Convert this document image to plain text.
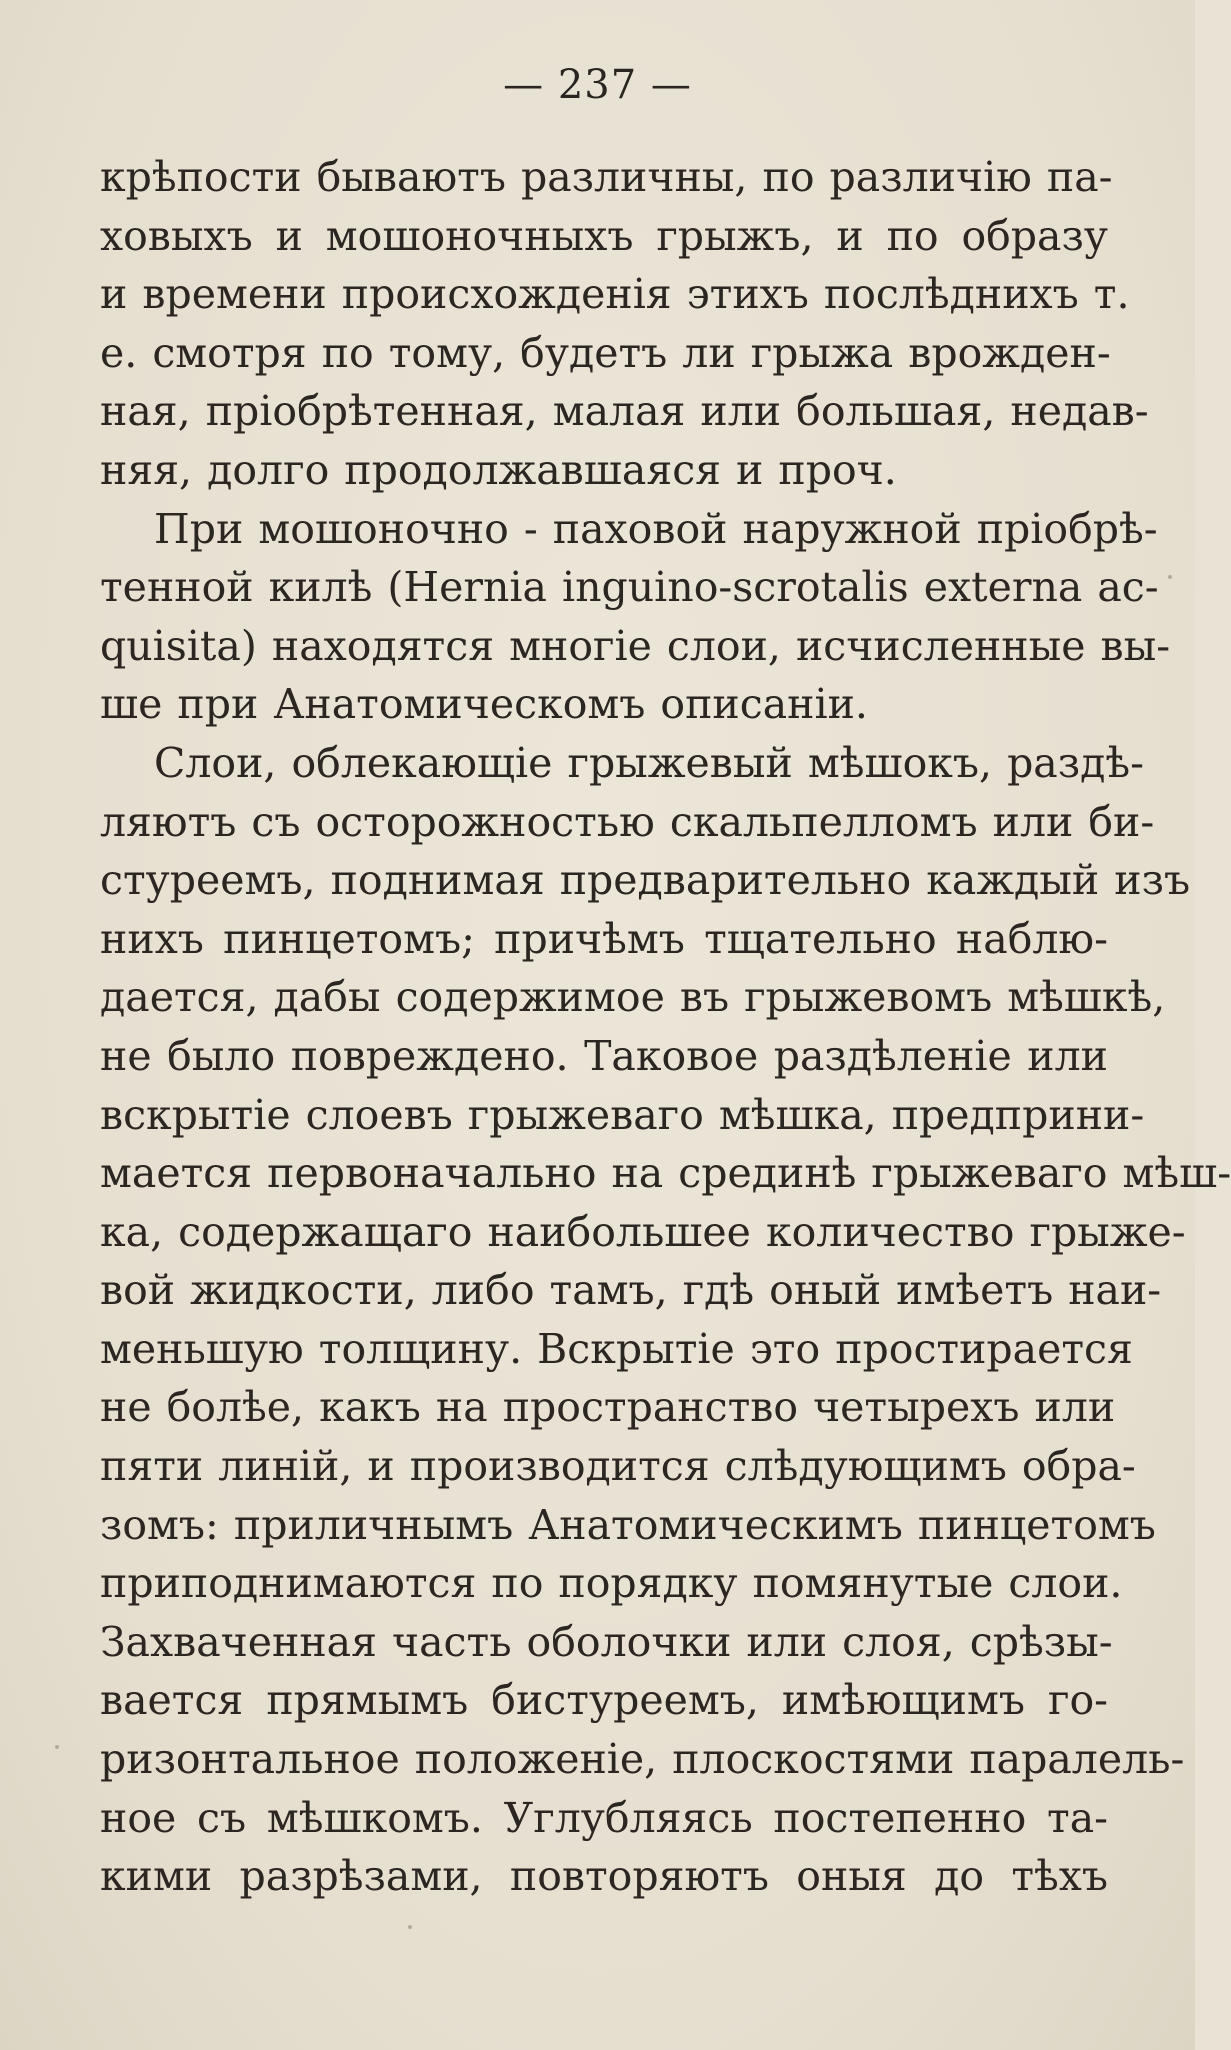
— 237 —
крѣпости бываютъ различны, по различію па-
ховыхъ и мошоночныхъ грыжъ, и по образу
и времени происхожденія этихъ послѣднихъ т.
е. смотря по тому, будетъ ли грыжа врожден-
ная, пріобрѣтенная, малая или большая, недав-
няя, долго продолжавшаяся и проч.
При мошоночно - паховой наружной пріобрѣ-
тенной килѣ (Hernia inguino-scrotalis externa ac-
quisita) находятся многіе слои, исчисленные вы-
ше при Анатомическомъ описаніи.
Слои, облекающіе грыжевый мѣшокъ, раздѣ-
ляютъ съ осторожностью скальпелломъ или би-
стуреемъ, поднимая предварительно каждый изъ
нихъ пинцетомъ; причѣмъ тщательно наблю-
дается, дабы содержимое въ грыжевомъ мѣшкѣ,
не было повреждено. Таковое раздѣленіе или
вскрытіе слоевъ грыжеваго мѣшка, предприни-
мается первоначально на срединѣ грыжеваго мѣш-
ка, содержащаго наибольшее количество грыже-
вой жидкости, либо тамъ, гдѣ оный имѣетъ наи-
меньшую толщину. Вскрытіе это простирается
не болѣе, какъ на пространство четырехъ или
пяти линій, и производится слѣдующимъ обра-
зомъ: приличнымъ Анатомическимъ пинцетомъ
приподнимаются по порядку помянутые слои.
Захваченная часть оболочки или слоя, срѣзы-
вается прямымъ бистуреемъ, имѣющимъ го-
ризонтальное положеніе, плоскостями паралель-
ное съ мѣшкомъ. Углубляясь постепенно та-
кими разрѣзами, повторяютъ оныя до тѣхъ
